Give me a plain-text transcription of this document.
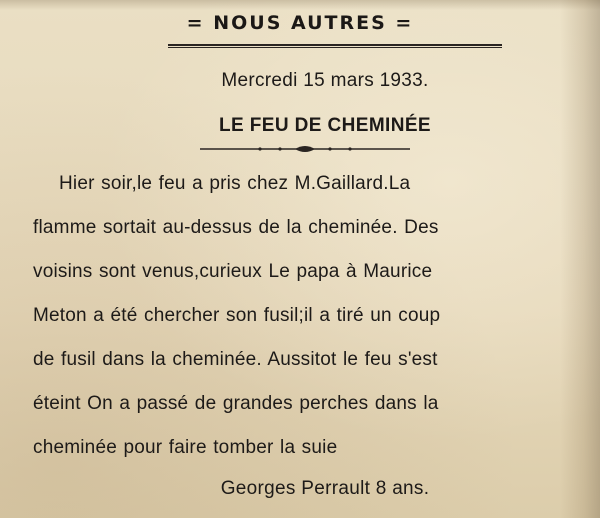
= NOUS AUTRES =
Mercredi 15 mars 1933.
LE FEU DE CHEMINÉE
Hier soir,le feu a pris chez M.Gaillard.La
flamme sortait au-dessus de la cheminée. Des
voisins sont venus,curieux Le papa à Maurice
Meton a été chercher son fusil;il a tiré un coup
de fusil dans la cheminée. Aussitot le feu s'est
éteint On a passé de grandes perches dans la
cheminée pour faire tomber la suie
Georges Perrault 8 ans.
